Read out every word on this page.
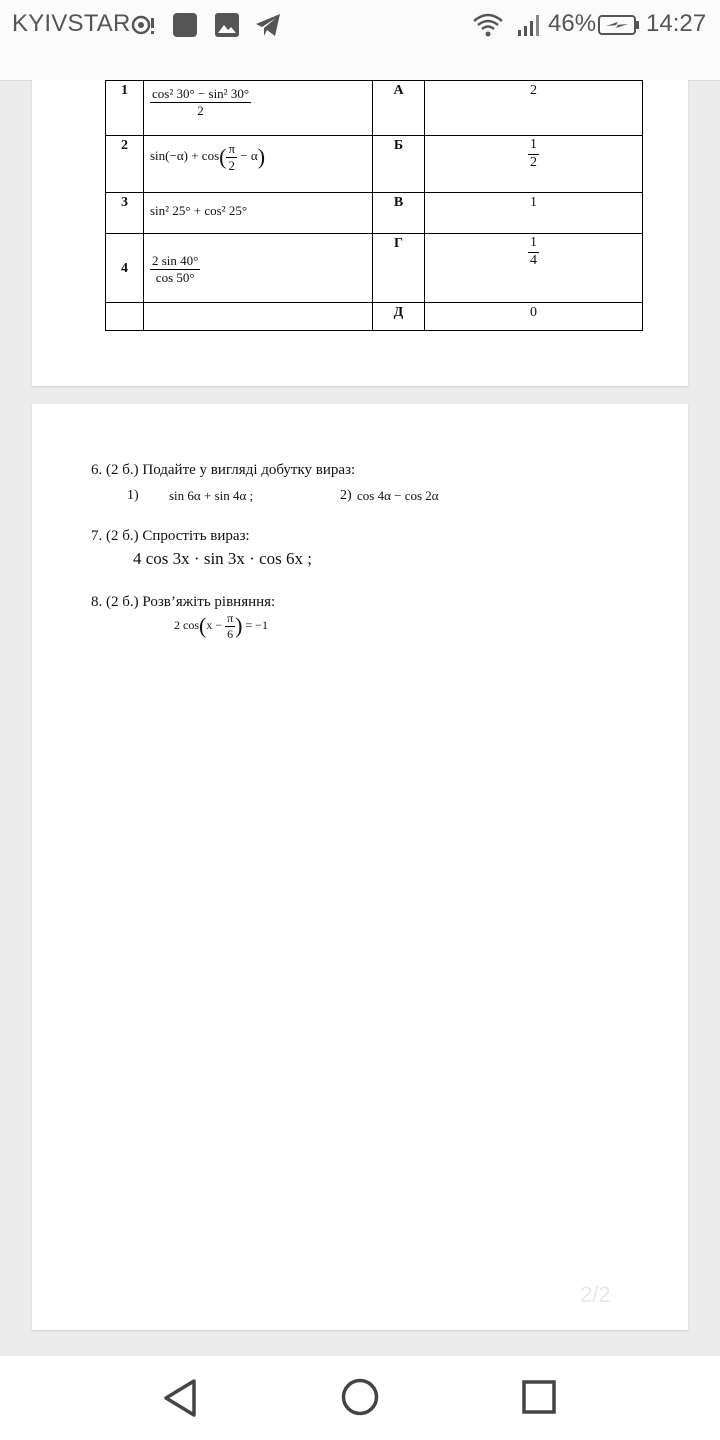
KYIVSTAR	46% 14:27
1	$\frac{\text{cos² 30° − sin² 30°}}{2}$	А	2
2	$\sin(-\alpha) + \cos( \frac{\pi}{2} - \alpha)$	Б	$\frac{1}{2}$

3	sin² 25° + cos² 25°	В	1
4	$\frac{2 \sin 40^\circ}{\cos 50^\circ}$	Г	$\frac{1}{4}$

		Д	0
6. (2 б.) Подайте у вигляді добутку вираз:
1) sin 6α + sin 4α ;	2) cos 4α − cos 2α
7. (2 б.) Спростіть вираз:
4 cos 3x · sin 3x · cos 6x ;
8. (2 б.) Розв’яжіть рівняння:
2 $\cos(x - \frac{\pi}{6}$ ) = −1
2/2
